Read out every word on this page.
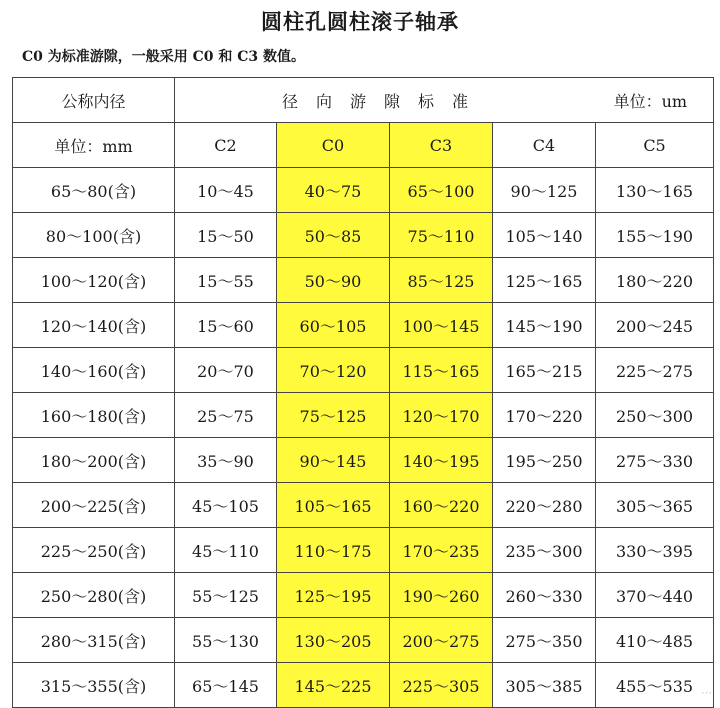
圆柱孔圆柱滚子轴承
C0 为标准游隙，一般采用 C0 和 C3 数值。
公称内径	径向游隙标准 单位：um				

单位：mm	C2	C0	C3	C4	C5
65～80(含)	10～45	40～75	65～100	90～125	130～165
80～100(含)	15～50	50～85	75～110	105～140	155～190
100～120(含)	15～55	50～90	85～125	125～165	180～220
120～140(含)	15～60	60～105	100～145	145～190	200～245
140～160(含)	20～70	70～120	115～165	165～215	225～275
160～180(含)	25～75	75～125	120～170	170～220	250～300
180～200(含)	35～90	90～145	140～195	195～250	275～330
200～225(含)	45～105	105～165	160～220	220～280	305～365
225～250(含)	45～110	110～175	170～235	235～300	330～395
250～280(含)	55～125	125～195	190～260	260～330	370～440
280～315(含)	55～130	130～205	200～275	275～350	410～485
315～355(含)	65～145	145～225	225～305	305～385	455～535 ⋯
